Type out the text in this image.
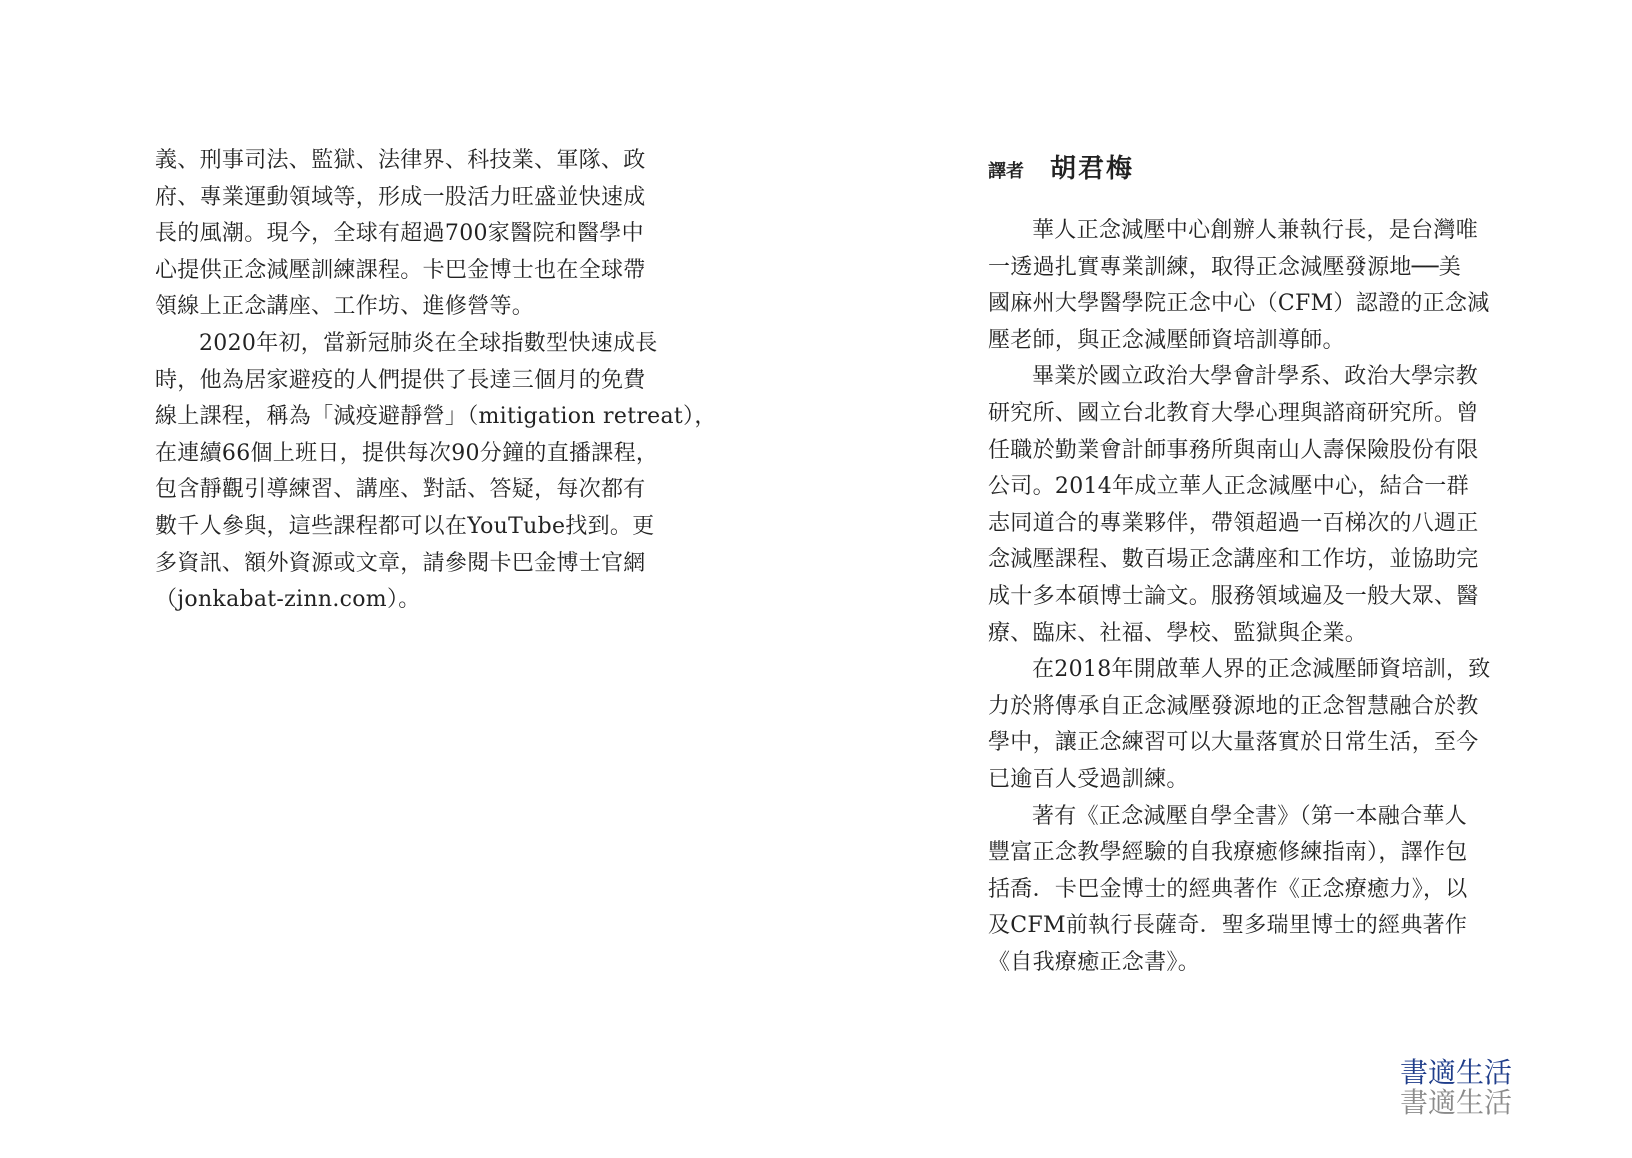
義、刑事司法、監獄、法律界、科技業、軍隊、政
府、專業運動領域等，形成一股活力旺盛並快速成
長的風潮。現今，全球有超過700家醫院和醫學中
心提供正念減壓訓練課程。卡巴金博士也在全球帶
領線上正念講座、工作坊、進修營等。
2020年初，當新冠肺炎在全球指數型快速成長
時，他為居家避疫的人們提供了長達三個月的免費
線上課程，稱為「減疫避靜營」（mitigation retreat），
在連續66個上班日，提供每次90分鐘的直播課程，
包含靜觀引導練習、講座、對話、答疑，每次都有
數千人參與，這些課程都可以在YouTube找到。更
多資訊、額外資源或文章，請參閱卡巴金博士官網
（jonkabat-zinn.com）。
譯者 胡君梅
華人正念減壓中心創辦人兼執行長，是台灣唯
一透過扎實專業訓練，取得正念減壓發源地──美
國麻州大學醫學院正念中心（CFM）認證的正念減
壓老師，與正念減壓師資培訓導師。
畢業於國立政治大學會計學系、政治大學宗教
研究所、國立台北教育大學心理與諮商研究所。曾
任職於勤業會計師事務所與南山人壽保險股份有限
公司。2014年成立華人正念減壓中心，結合一群
志同道合的專業夥伴，帶領超過一百梯次的八週正
念減壓課程、數百場正念講座和工作坊，並協助完
成十多本碩博士論文。服務領域遍及一般大眾、醫
療、臨床、社福、學校、監獄與企業。
在2018年開啟華人界的正念減壓師資培訓，致
力於將傳承自正念減壓發源地的正念智慧融合於教
學中，讓正念練習可以大量落實於日常生活，至今
已逾百人受過訓練。
著有《正念減壓自學全書》（第一本融合華人
豐富正念教學經驗的自我療癒修練指南），譯作包
括喬．卡巴金博士的經典著作《正念療癒力》，以
及CFM前執行長薩奇．聖多瑞里博士的經典著作
《自我療癒正念書》。
書適生活
書適生活
